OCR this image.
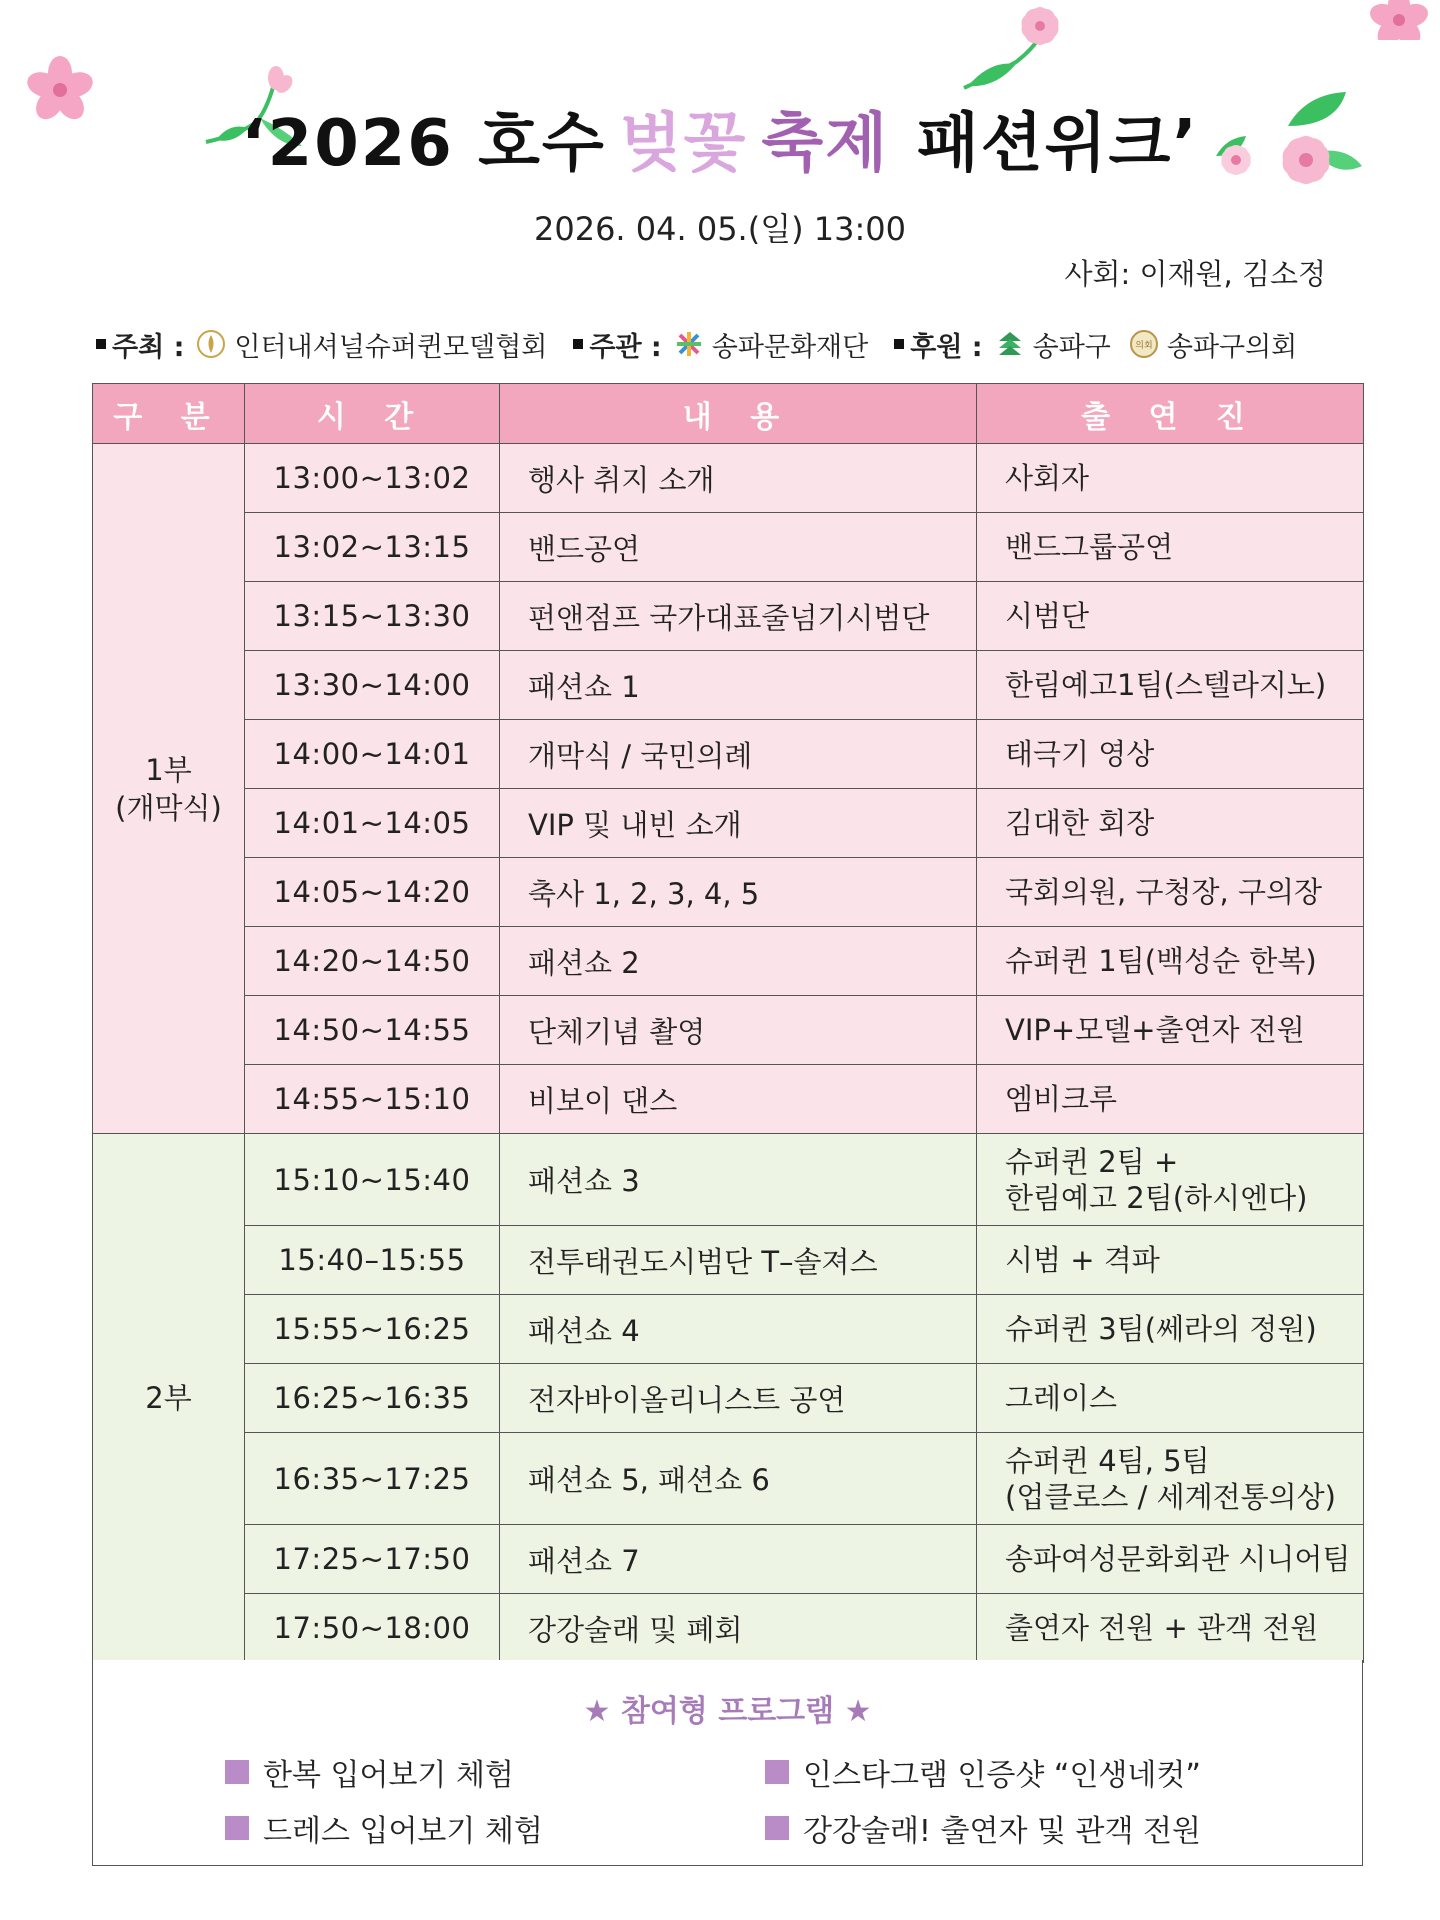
‘2026 호수 벚꽃 축제 패션위크’
2026. 04. 05.(일) 13:00
사회: 이재원, 김소정
주최 : 인터내셔널슈퍼퀸모델협회 주관 : 송파문화재단 후원 : 송파구	의회 송파구의회
구 분	시 간	내 용	출 연 진
1부
(개막식)	13:00~13:02	행사 취지 소개	사회자
	13:02~13:15	밴드공연	밴드그룹공연
	13:15~13:30	펀앤점프 국가대표줄넘기시범단	시범단
	13:30~14:00	패션쇼 1	한림예고1팀(스텔라지노)
	14:00~14:01	개막식 / 국민의례	태극기 영상
	14:01~14:05	VIP 및 내빈 소개	김대한 회장
	14:05~14:20	축사 1, 2, 3, 4, 5	국회의원, 구청장, 구의장
	14:20~14:50	패션쇼 2	슈퍼퀸 1팀(백성순 한복)
	14:50~14:55	단체기념 촬영	VIP+모델+출연자 전원
	14:55~15:10	비보이 댄스	엠비크루
2부	15:10~15:40	패션쇼 3	슈퍼퀸 2팀 +
한림예고 2팀(하시엔다)
	15:40–15:55	전투태권도시범단 T–솔져스	시범 + 격파
	15:55~16:25	패션쇼 4	슈퍼퀸 3팀(쎄라의 정원)
	16:25~16:35	전자바이올리니스트 공연	그레이스
	16:35~17:25	패션쇼 5, 패션쇼 6	슈퍼퀸 4팀, 5팀
(업클로스 / 세계전통의상)
	17:25~17:50	패션쇼 7	송파여성문화회관 시니어팀
	17:50~18:00	강강술래 및 폐회	출연자 전원 + 관객 전원
★ 참여형 프로그램 ★
한복 입어보기 체험	인스타그램 인증샷 “인생네컷”
드레스 입어보기 체험	강강술래! 출연자 및 관객 전원
